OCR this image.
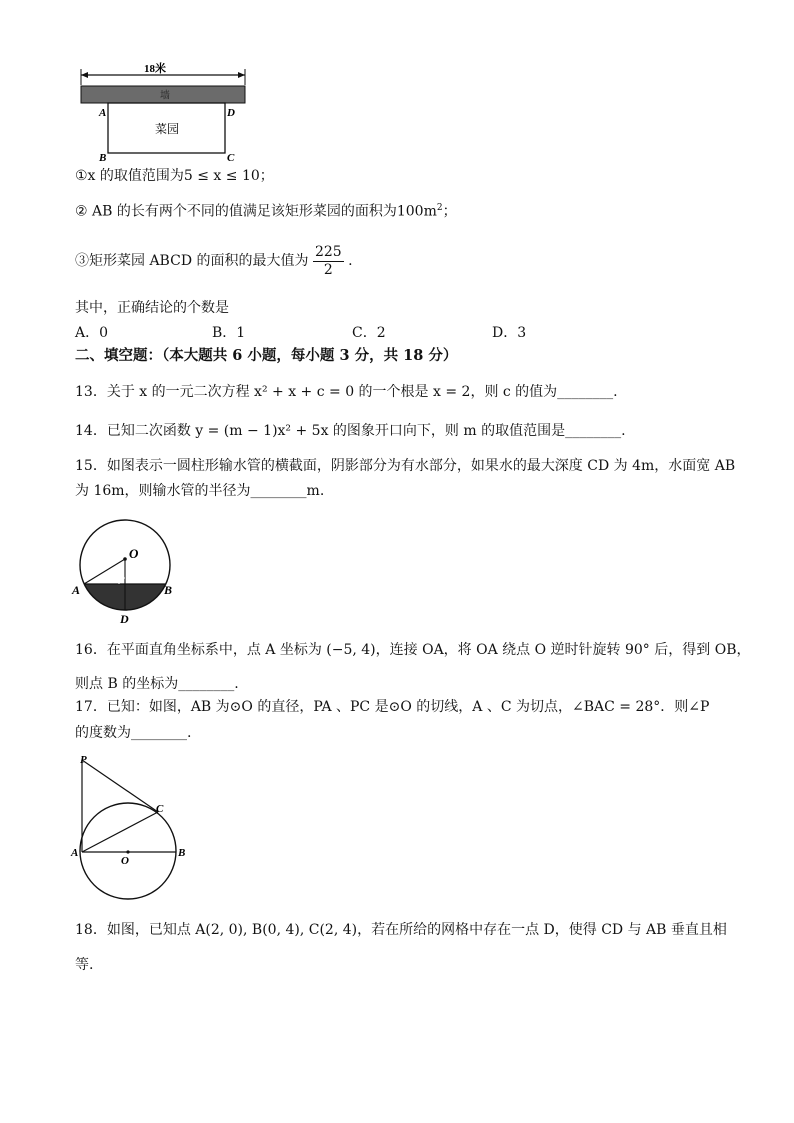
18米
墙
菜园
A	D
B	C
①x 的取值范围为5 ≤ x ≤ 10；
② AB 的长有两个不同的值满足该矩形菜园的面积为$100m^2$；
③矩形菜园 ABCD 的面积的最大值为 $\frac{225}{2}$ .
其中，正确结论的个数是
A．0	B．1	C．2	D．3
二、填空题：（本大题共 6 小题，每小题 3 分，共 18 分）
13．关于 x 的一元二次方程 x² + x + c = 0 的一个根是 x = 2，则 c 的值为________.
14．已知二次函数 y = (m − 1)x² + 5x 的图象开口向下，则 m 的取值范围是________.
15．如图表示一圆柱形输水管的横截面，阴影部分为有水部分，如果水的最大深度 CD 为 4m，水面宽 AB
为 16m，则输水管的半径为________m.
O
A	B
D
16．在平面直角坐标系中，点 A 坐标为 (−5, 4)，连接 OA，将 OA 绕点 O 逆时针旋转 90° 后，得到 OB，
则点 B 的坐标为________.
17．已知：如图，AB 为⊙O 的直径，PA 、PC 是⊙O 的切线，A 、C 为切点，∠BAC = 28°．则∠P
的度数为________.
P
C
A
O
B
18．如图，已知点 A(2, 0), B(0, 4), C(2, 4)，若在所给的网格中存在一点 D，使得 CD 与 AB 垂直且相
等.
